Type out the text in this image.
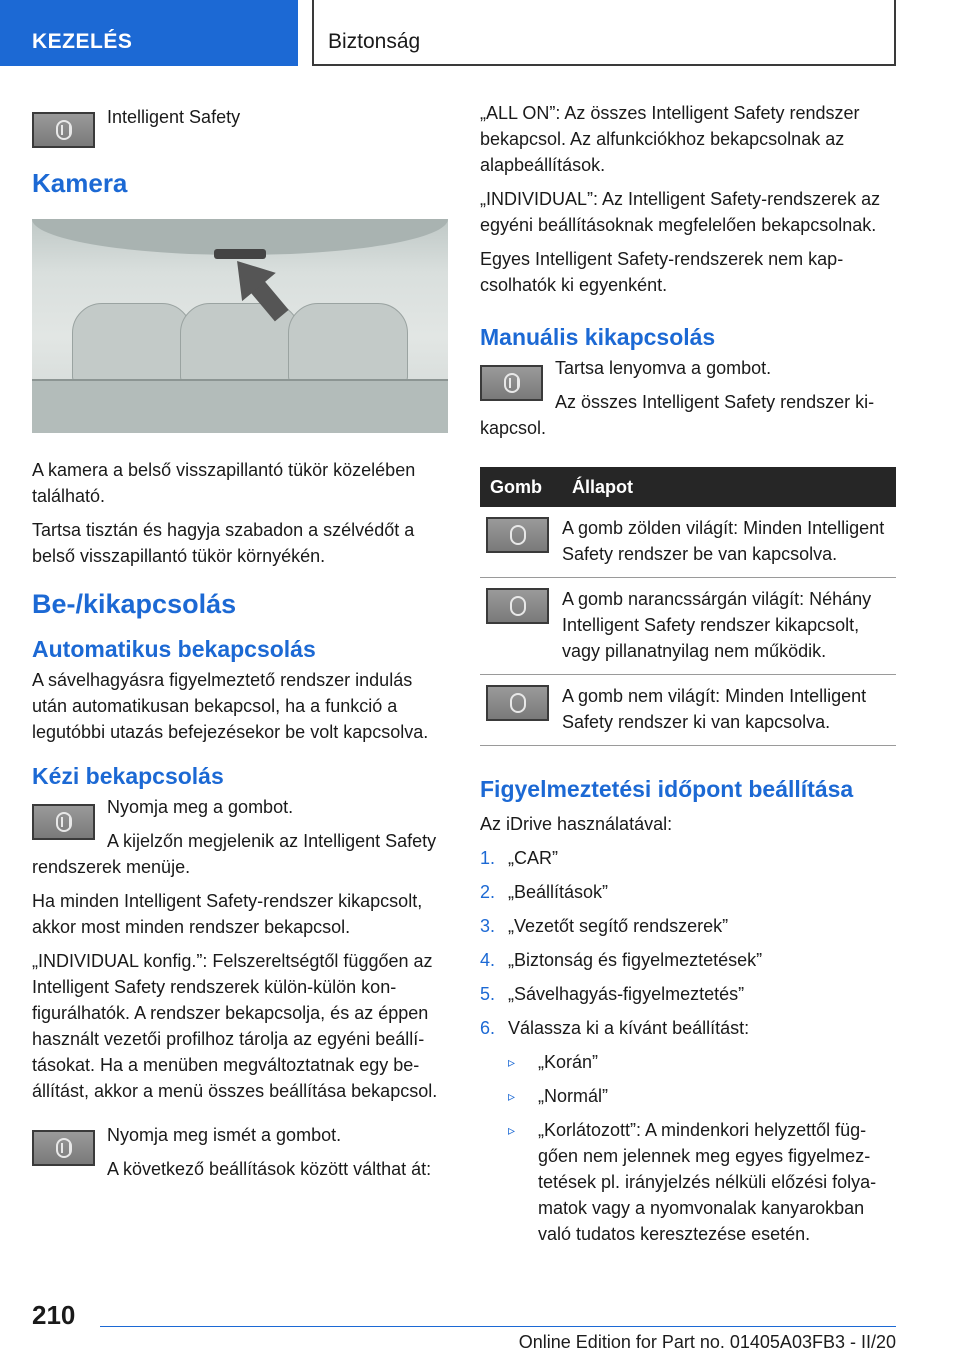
KEZELÉS	Biztonság

Intelligent Safety

Kamera

A kamera a belső visszapillantó tükör közelében található.

Tartsa tisztán és hagyja szabadon a szélvédőt a belső visszapillantó tükör környékén.

Be-/kikapcsolás
Automatikus bekapcsolás

A sávelhagyásra figyelmeztető rendszer indulás után automatikusan bekapcsol, ha a funkció a legutóbbi utazás befejezésekor be volt kapcsolva.

Kézi bekapcsolás

Nyomja meg a gombot.

A kijelzőn megjelenik az Intelligent Safety rendszerek menüje.

Ha minden Intelligent Safety-rendszer kikapcsolt, akkor most minden rendszer bekapcsol.

„INDIVIDUAL konfig.”: Felszereltségtől függően az Intelligent Safety rendszerek külön-külön konfigurálhatók. A rendszer bekapcsolja, és az éppen használt vezetői profilhoz tárolja az egyéni beállításokat. Ha a menüben megváltoztatnak egy beállítást, akkor a menü összes beállítása bekapcsol.

Nyomja meg ismét a gombot.

A következő beállítások között válthat át:

„ALL ON”: Az összes Intelligent Safety rendszer bekapcsol. Az alfunkciókhoz bekapcsolnak az alapbeállítások.

„INDIVIDUAL”: Az Intelligent Safety-rendszerek az egyéni beállításoknak megfelelően bekapcsolnak.

Egyes Intelligent Safety-rendszerek nem kapcsolhatók ki egyenként.

Manuális kikapcsolás

Tartsa lenyomva a gombot.

Az összes Intelligent Safety rendszer kikapcsol.

Gomb	Állapot

	A gomb zölden világít: Minden Intelligent Safety rendszer be van kapcsolva.

	A gomb narancssárgán világít: Néhány Intelligent Safety rendszer kikapcsolt, vagy pillanatnyilag nem működik.

	A gomb nem világít: Minden Intelligent Safety rendszer ki van kapcsolva.
Figyelmeztetési időpont beállítása

Az iDrive használatával:

1. „CAR”
2. „Beállítások”
3. „Vezetőt segítő rendszerek”
4. „Biztonság és figyelmeztetések”
5. „Sávelhagyás-figyelmeztetés”
6. Válassza ki a kívánt beállítást:
▹ „Korán”
▹ „Normál”
▹ „Korlátozott”: A mindenkori helyzettől függően nem jelennek meg egyes figyelmeztetések pl. irányjelzés nélküli előzési folyamatok vagy a nyomvonalak kanyarokban való tudatos keresztezése esetén.
210
Online Edition for Part no. 01405A03FB3 - II/20
